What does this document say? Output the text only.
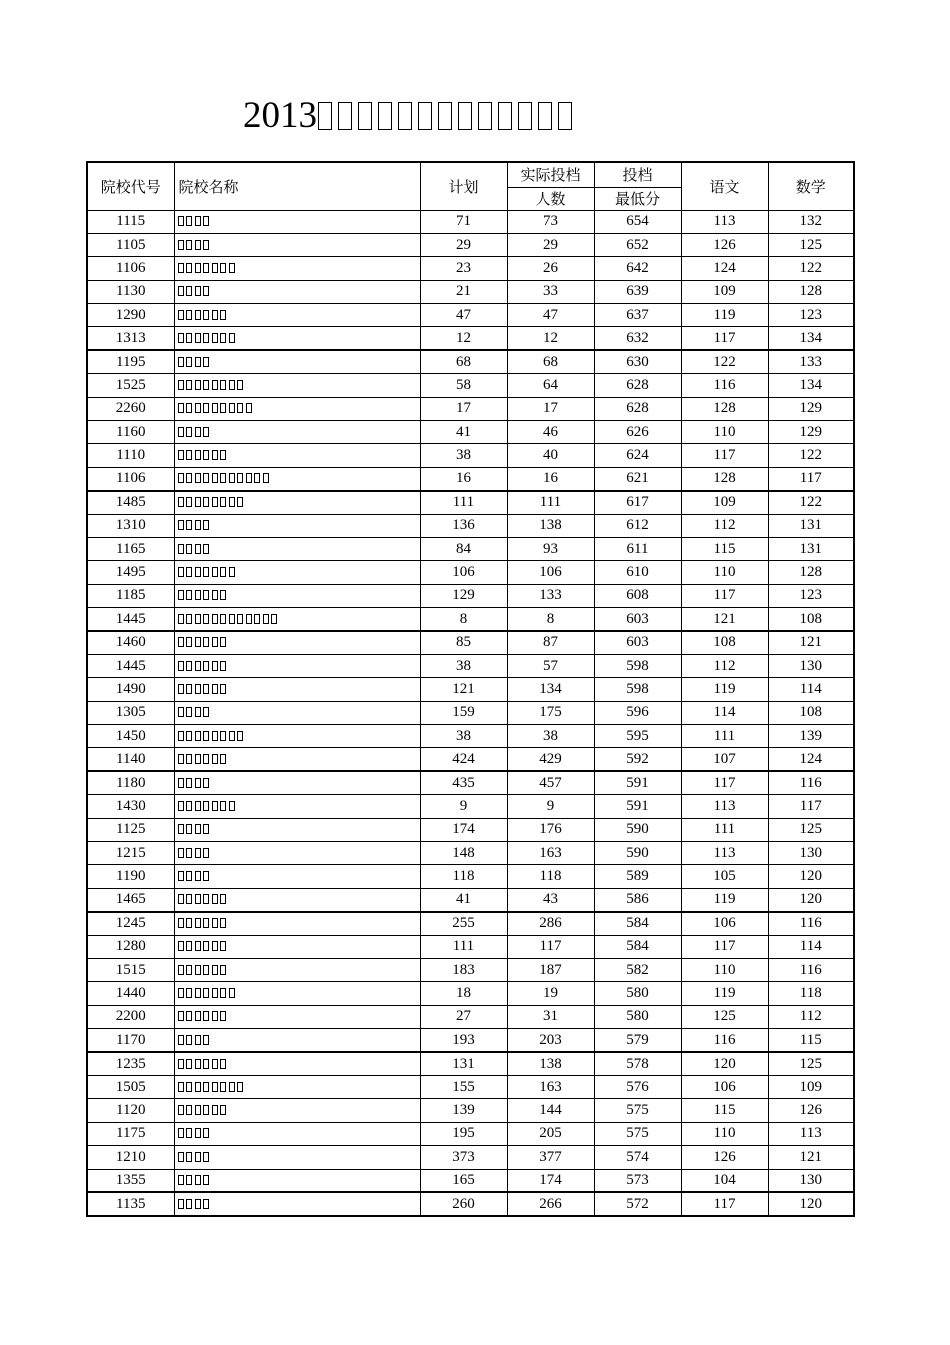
2013
院校代号	院校名称	计划	实际投档	投档	语文	数学
			人数	最低分		
1115		71	73	654	113	132
1105		29	29	652	126	125
1106		23	26	642	124	122
1130		21	33	639	109	128
1290		47	47	637	119	123
1313		12	12	632	117	134
1195		68	68	630	122	133
1525		58	64	628	116	134
2260		17	17	628	128	129
1160		41	46	626	110	129
1110		38	40	624	117	122
1106		16	16	621	128	117
1485		111	111	617	109	122
1310		136	138	612	112	131
1165		84	93	611	115	131
1495		106	106	610	110	128
1185		129	133	608	117	123
1445		8	8	603	121	108
1460		85	87	603	108	121
1445		38	57	598	112	130
1490		121	134	598	119	114
1305		159	175	596	114	108
1450		38	38	595	111	139
1140		424	429	592	107	124
1180		435	457	591	117	116
1430		9	9	591	113	117
1125		174	176	590	111	125
1215		148	163	590	113	130
1190		118	118	589	105	120
1465		41	43	586	119	120
1245		255	286	584	106	116
1280		111	117	584	117	114
1515		183	187	582	110	116
1440		18	19	580	119	118
2200		27	31	580	125	112
1170		193	203	579	116	115
1235		131	138	578	120	125
1505		155	163	576	106	109
1120		139	144	575	115	126
1175		195	205	575	110	113
1210		373	377	574	126	121
1355		165	174	573	104	130
1135		260	266	572	117	120
